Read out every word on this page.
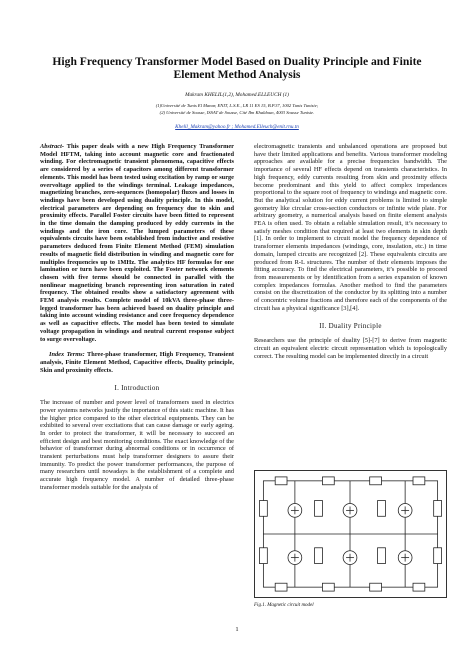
High Frequency Transformer Model Based on Duality Principle and Finite Element Method Analysis
Makram KHELIL(1,2), Mohamed.ELLEUCH (1)
(1)Université de Tunis El Manar, ENIT, L.S.E., LR 11 ES 15, B.P.37, 1002 Tunis Tunisie;
(2) Université de Sousse, ISSAT de Sousse, Cité Ibn Khaldoun, 4003 Sousse Tunisie.
Khelil_Makram@yahoo.fr ; Mohamed.Elleuch@enit.rnu.tn

Abstract- This paper deals with a new High Frequency Transformer Model HFTM, taking into account magnetic core and fractionated winding. For electromagnetic transient phenomena, capacitive effects are considered by a series of capacitors among different transformer elements. This model has been tested using excitation by ramp or surge overvoltage applied to the windings terminal. Leakage impedances, magnetizing branches, zero-sequences (homopolar) fluxes and losses in windings have been developed using duality principle. In this model, electrical parameters are depending on frequency due to skin and proximity effects. Parallel Foster circuits have been fitted to represent in the time domain the damping produced by eddy currents in the windings and the iron core. The lumped parameters of these equivalents circuits have been established from inductive and resistive parameters deduced from Finite Element Method (FEM) simulation results of magnetic field distribution in winding and magnetic core for multiples frequencies up to 1MHz. The analytics HF formulas for one lamination or turn have been exploited. The Foster network elements chosen with five terms should be connected in parallel with the nonlinear magnetizing branch representing iron saturation in rated frequency. The obtained results show a satisfactory agreement with FEM analysis results. Complete model of 10kVA three-phase three-legged transformer has been achieved based on duality principle and taking into account winding resistance and core frequency dependence as well as capacitive effects. The model has been tested to simulate voltage propagation in windings and neutral current response subject to surge overvoltage.

Index Terms: Three-phase transformer, High Frequency, Transient analysis, Finite Element Method, Capacitive effects, Duality principle, Skin and proximity effects.

I. Introduction

The increase of number and power level of transformers used in electrics power systems networks justify the importance of this static machine. It has the higher price compared to the other electrical equipments. They can be exhibited to several over excitations that can cause damage or early ageing. In order to protect the transformer, it will be necessary to succeed an efficient design and best monitoring conditions. The exact knowledge of the behavior of transformer during abnormal conditions or in occurrence of transient perturbations must help transformer designers to assure their immunity. To predict the power transformer performances, the purpose of many researchers until nowadays is the establishment of a complete and accurate high frequency model. A number of detailed three-phase transformer models suitable for the analysis of

electromagnetic transients and unbalanced operations are proposed but have their limited applications and benefits. Various transformer modeling approaches are available for a precise frequencies bandwidth. The importance of several HF effects depend on transients characteristics. In high frequency, eddy currents resulting from skin and proximity effects become predominant and this yield to affect complex impedances proportional to the square root of frequency to windings and magnetic core. But the analytical solution for eddy current problems is limited to simple geometry like circular cross-section conductors or infinite wide plate. For arbitrary geometry, a numerical analysis based on finite element analysis FEA is often used. To obtain a reliable simulation result, it’s necessary to satisfy meshes condition that required at least two elements in skin depth [1]. In order to implement to circuit model the frequency dependence of transformer elements impedances (windings, core, insulation, etc.) in time domain, lumped circuits are recognized [2]. These equivalents circuits are produced from R-L structures. The number of their elements imposes the fitting accuracy. To find the electrical parameters, it’s possible to proceed from measurements or by identification from a series expansion of known complex impedances formulas. Another method to find the parameters consist on the discretization of the conductor by its splitting into a number of concentric volume fractions and therefore each of the components of the circuit has a physical significance [3],[4].

II. Duality Principle

Researchers use the principle of duality [5]-[7] to derive from magnetic circuit an equivalent electric circuit representation which is topologically correct. The resulting model can be implemented directly in a circuit

Fig.1. Magnetic circuit model
1
